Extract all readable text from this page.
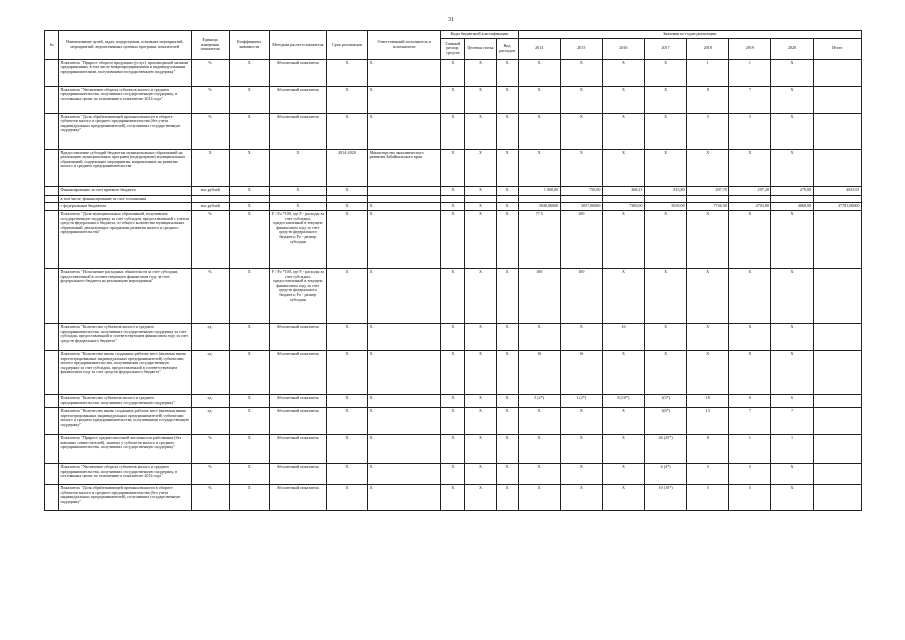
31
№	Наименование целей, задач, подпрограмм, основных мероприятий, мероприятий, ведомственных целевых программ, показателей	Единица измерения показателя	Коэффициент значимости	Методика расчета показателя	Срок реализации	Ответственный исполнитель и исполнители	Коды бюджетной классификации			Значения по годам реализации							
							Главный распор. средств	Целевая статья	Вид расходов	2014	2015	2016	2017	2018	2019	2020	Итого
	Показатель "Прирост оборота продукции (услуг), производимой малыми предприятиями, в том числе микропредприятиями и индивидуальными предпринимателями, получившими государственную поддержку"	%	X	Абсолютный показатель	X	X	X	X	X	X	X	X	X	1	1	X	
	Показатель "Увеличение оборота субъектов малого и среднего предпринимательства, получивших государственную поддержку, в постоянных ценах по отношению к показателю 2014 года"	%	X	Абсолютный показатель	X	X	X	X	X	X	X	X	X	8	7	X	
	Показатель "Доля обрабатывающей промышленности в обороте субъектов малого и среднего предпринимательства (без учета индивидуальных предпринимателей), получивших государственную поддержку"	%	X	Абсолютный показатель	X	X	X	X	X	X	X	X	X	5	5	X	
	Предоставление субсидий бюджетам муниципальных образований на реализацию муниципальных программ (подпрограмм) муниципальных образований, содержащих мероприятия, направленные на развитие малого и среднего предпринимательства	X	X	X	2014-2020	Министерство экономического развития Забайкальского края	X	X	X	X	X	X	X	X	X	X	
	Финансирование за счет краевого бюджета	тыс.рублей	X	X	X		X	X	X	1 000,00	750,00	368,21	815,80	497,70	297,20	279,00	4023,91
	в том числе, финансирование за счет соглашения																
	с федеральным бюджетом	тыс.рублей	X	X	X	X	X	X	X	3040,00000	3057,00000	7300,00	5035,00	7726,50	4703,80	4868,00	37781,00000
	Показатель "Доля муниципальных образований, получивших государственную поддержку за счет субсидии, предоставленной с учетом средств федерального бюджета, от общего количества муниципальных образований, реализующих программы развития малого и среднего предпринимательства"	%	X	F / Fo *100, где F - расходы за счет субсидии, предоставленной в текущем финансовом году за счет средств федерального бюджета; Fo - размер субсидии	X	X	X	X	X	77,5	100	X	X	X	X	X	
	Показатель "Исполнение расходных обязательств за счет субсидии, предоставленной в соответствующем финансовом году за счет федерального бюджета на реализацию мероприятия"	%	X	F / Fo *100, где F - расходы за счет субсидии, предоставленной в текущем финансовом году за счет средств федерального бюджета; Fo - размер субсидии	X	X	X	X	X	100	100	X	X	X	X	X	
	Показатель "Количество субъектов малого и среднего предпринимательства, получивших государственную поддержку за счет субсидии, предоставленной в соответствующем финансовом году за счет средств федерального бюджета"	ед.	X	Абсолютный показатель	X	X	X	X	X	X	X	16	X	X	X	X	
	Показатель "Количество вновь созданных рабочих мест (включая вновь зарегистрированных индивидуальных предпринимателей) субъектами малого предпринимательства, получившими государственную поддержку за счет субсидии, предоставленной в соответствующем финансовом году за счет средств федерального бюджета"	ед.	X	Абсолютный показатель	X	X	X	X	X	16	16	X	X	X	X	X	
	Показатель "Количество субъектов малого и среднего предпринимательства, получивших государственную поддержку"	ед.	X	Абсолютный показатель	X	X	X	X	X	5 (2*)	1 (2*)	8 (10*)	1(3*)	18	6	6	
	Показатель "Количество вновь созданных рабочих мест (включая вновь зарегистрированных индивидуальных предпринимателей) субъектами малого и среднего предпринимательства, получившими государственную поддержку"	ед.	X	Абсолютный показатель	X	X	X	X	X	X	X	X	1(6*)	13	7	7	
	Показатель "Прирост среднесписочной численности работников (без внешних совместителей), занятых у субъектов малого и среднего предпринимательства, получивших государственную поддержку"	%	X	Абсолютный показатель	X	X	X	X	X	X	X	X	26 (25*)	8	1	1	
	Показатель "Увеличение оборота субъектов малого и среднего предпринимательства, получивших государственную поддержку, в постоянных ценах по отношению к показателю 2014 года"	%	X	Абсолютный показатель	X	X	X	X	X	X	X	X	6 (4*)	5	5	X	
	Показатель "Доля обрабатывающей промышленности в обороте субъектов малого и среднего предпринимательства (без учета индивидуальных предпринимателей), получивших государственную поддержку"	%	X	Абсолютный показатель	X	X	X	X	X	X	X	X	10 (10*)	5	5	X	
